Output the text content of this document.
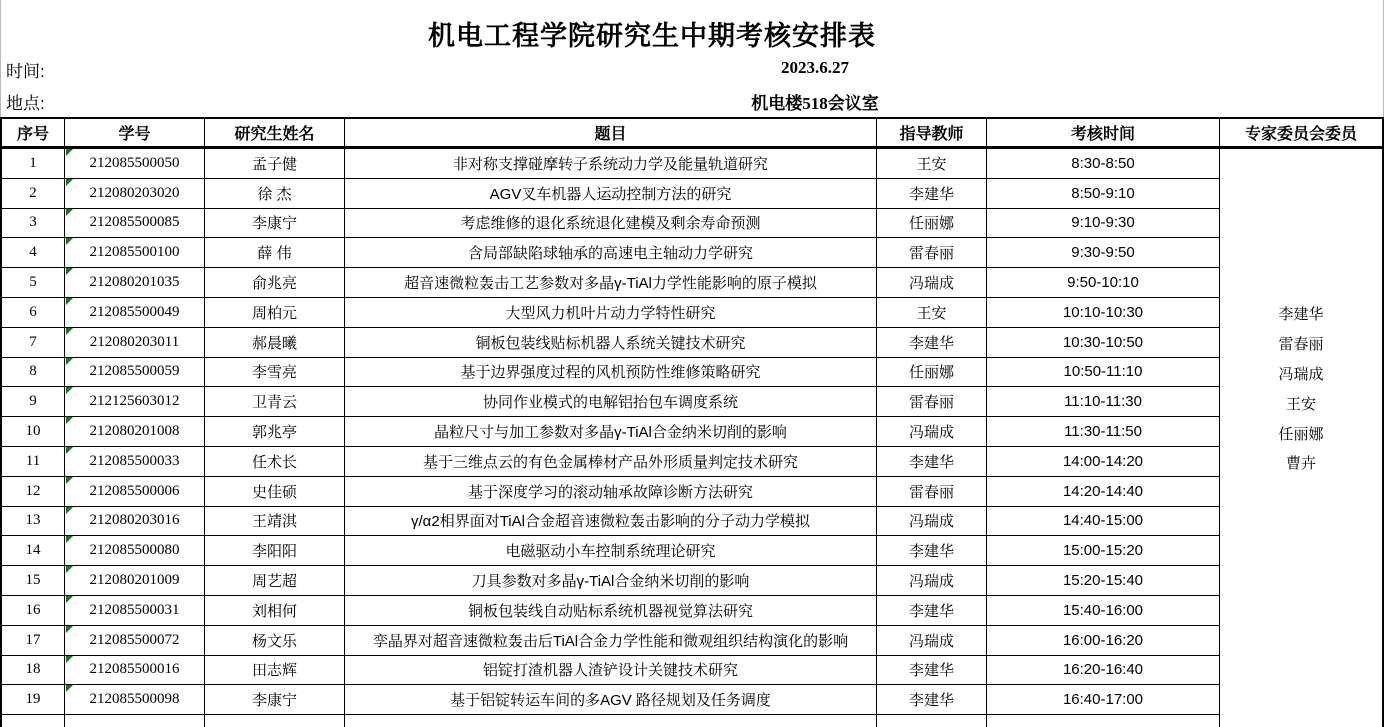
机电工程学院研究生中期考核安排表
时间:	2023.6.27
地点:	机电楼518会议室
序号	学号	研究生姓名	题目	指导教师	考核时间	专家委员会委员
1	212085500050	孟子健	非对称支撑碰摩转子系统动力学及能量轨道研究	王安	8:30-8:50
2	212080203020	徐 杰	AGV叉车机器人运动控制方法的研究	李建华	8:50-9:10
3	212085500085	李康宁	考虑维修的退化系统退化建模及剩余寿命预测	任丽娜	9:10-9:30
4	212085500100	薛 伟	含局部缺陷球轴承的高速电主轴动力学研究	雷春丽	9:30-9:50
5	212080201035	俞兆亮	超音速微粒轰击工艺参数对多晶γ-TiAl力学性能影响的原子模拟	冯瑞成	9:50-10:10
6	212085500049	周柏元	大型风力机叶片动力学特性研究	王安	10:10-10:30
7	212080203011	郝晨曦	铜板包装线贴标机器人系统关键技术研究	李建华	10:30-10:50
8	212085500059	李雪亮	基于边界强度过程的风机预防性维修策略研究	任丽娜	10:50-11:10
9	212125603012	卫青云	协同作业模式的电解铝抬包车调度系统	雷春丽	11:10-11:30
10	212080201008	郭兆亭	晶粒尺寸与加工参数对多晶γ-TiAl合金纳米切削的影响	冯瑞成	11:30-11:50
11	212085500033	任术长	基于三维点云的有色金属棒材产品外形质量判定技术研究	李建华	14:00-14:20
12	212085500006	史佳硕	基于深度学习的滚动轴承故障诊断方法研究	雷春丽	14:20-14:40
13	212080203016	王靖淇	γ/α2相界面对TiAl合金超音速微粒轰击影响的分子动力学模拟	冯瑞成	14:40-15:00
14	212085500080	李阳阳	电磁驱动小车控制系统理论研究	李建华	15:00-15:20
15	212080201009	周艺超	刀具参数对多晶γ-TiAl合金纳米切削的影响	冯瑞成	15:20-15:40
16	212085500031	刘相何	铜板包装线自动贴标系统机器视觉算法研究	李建华	15:40-16:00
17	212085500072	杨文乐	孪晶界对超音速微粒轰击后TiAl合金力学性能和微观组织结构演化的影响	冯瑞成	16:00-16:20
18	212085500016	田志辉	铝锭打渣机器人渣铲设计关键技术研究	李建华	16:20-16:40
19	212085500098	李康宁	基于铝锭转运车间的多AGV 路径规划及任务调度	李建华	16:40-17:00
李建华
雷春丽
冯瑞成
王安
任丽娜
曹卉
